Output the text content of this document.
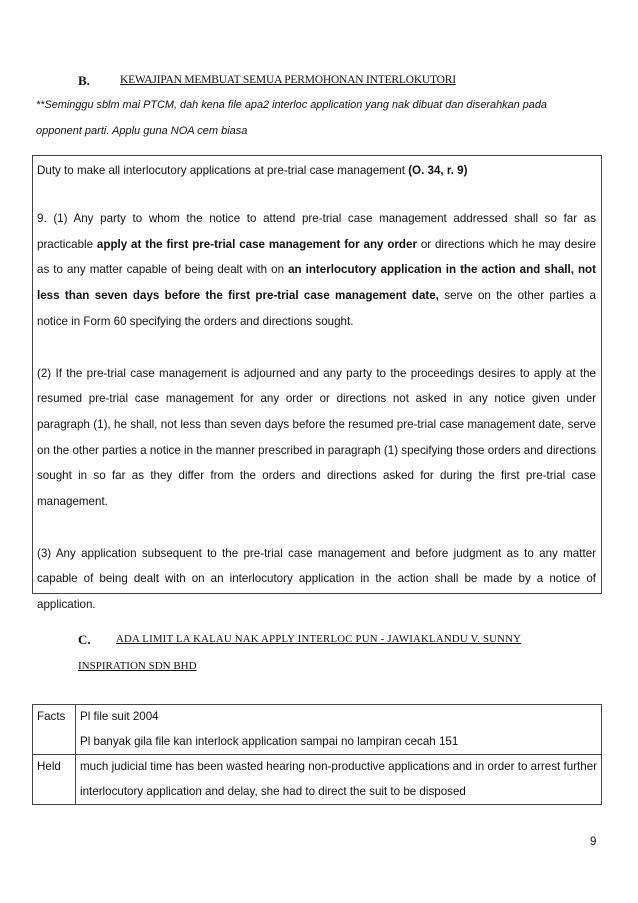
B.	KEWAJIPAN MEMBUAT SEMUA PERMOHONAN INTERLOKUTORI
**Seminggu sblm mai PTCM, dah kena file apa2 interloc application yang nak dibuat dan diserahkan pada
opponent parti. Applu guna NOA cem biasa

Duty to make all interlocutory applications at pre-trial case management (O. 34, r. 9)

9. (1) Any party to whom the notice to attend pre-trial case management addressed shall so far as practicable apply at the first pre-trial case management for any order or directions which he may desire as to any matter capable of being dealt with on an interlocutory application in the action and shall, not less than seven days before the first pre-trial case management date, serve on the other parties a notice in Form 60 specifying the orders and directions sought.

(2) If the pre-trial case management is adjourned and any party to the proceedings desires to apply at the resumed pre-trial case management for any order or directions not asked in any notice given under paragraph (1), he shall, not less than seven days before the resumed pre-trial case management date, serve on the other parties a notice in the manner prescribed in paragraph (1) specifying those orders and directions sought in so far as they differ from the orders and directions asked for during the first pre-trial case management.

(3) Any application subsequent to the pre-trial case management and before judgment as to any matter capable of being dealt with on an interlocutory application in the action shall be made by a notice of application.

C. ADA LIMIT LA KALAU NAK APPLY INTERLOC PUN - JAWIAKLANDU V. SUNNY
INSPIRATION SDN BHD
Facts	Pl file suit 2004
Pl banyak gila file kan interlock application sampai no lampiran cecah 151

Held	much judicial time has been wasted hearing non-productive applications and in order to arrest further interlocutory application and delay, she had to direct the suit to be disposed
9
